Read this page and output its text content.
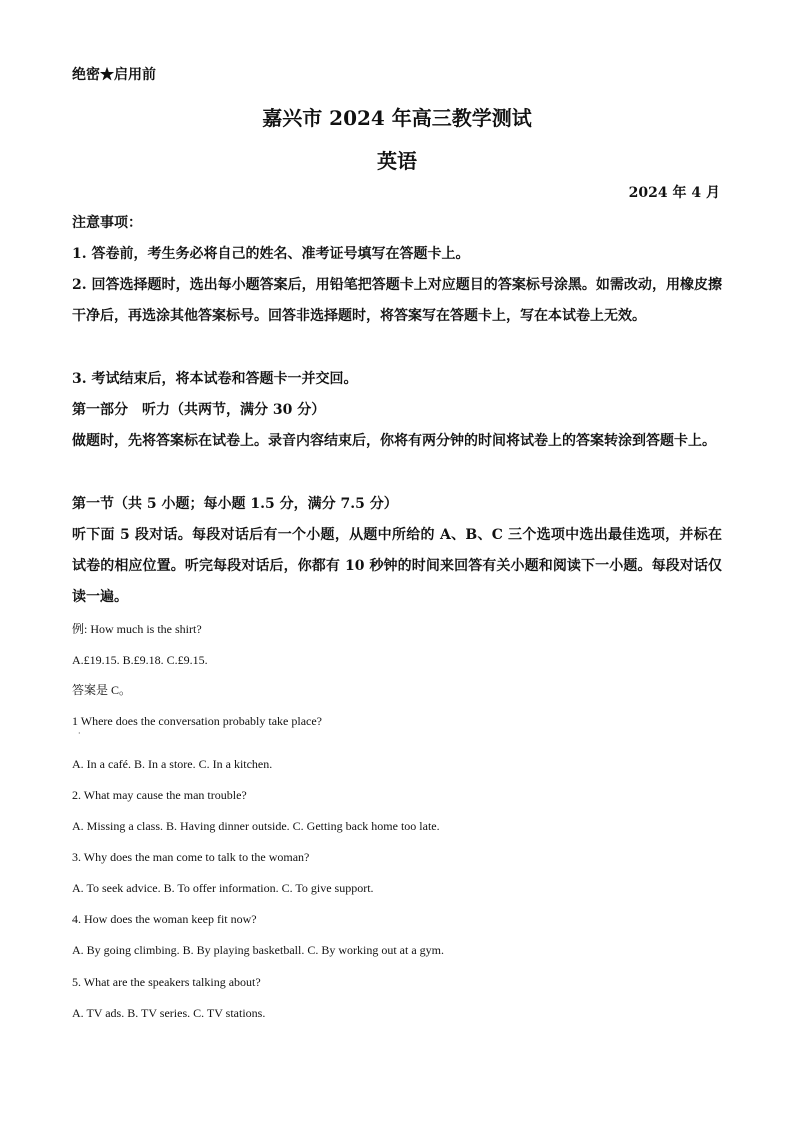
绝密★启用前
嘉兴市 2024 年高三教学测试
英语
2024 年 4 月
注意事项：
1. 答卷前，考生务必将自己的姓名、准考证号填写在答题卡上。
2. 回答选择题时，选出每小题答案后，用铅笔把答题卡上对应题目的答案标号涂黑。如需改动，用橡皮擦干净后，再选涂其他答案标号。回答非选择题时，将答案写在答题卡上，写在本试卷上无效。
3. 考试结束后，将本试卷和答题卡一并交回。
第一部分　听力（共两节，满分 30 分）
做题时，先将答案标在试卷上。录音内容结束后，你将有两分钟的时间将试卷上的答案转涂到答题卡上。
第一节（共 5 小题；每小题 1.5 分，满分 7.5 分）
听下面 5 段对话。每段对话后有一个小题，从题中所给的 A、B、C 三个选项中选出最佳选项，并标在试卷的相应位置。听完每段对话后，你都有 10 秒钟的时间来回答有关小题和阅读下一小题。每段对话仅读一遍。
例: How much is the shirt?
A.£19.15. B.£9.18. C.£9.15.
答案是 C。
1 Where does the conversation probably take place?
·
A. In a café. B. In a store. C. In a kitchen.
2. What may cause the man trouble?
A. Missing a class. B. Having dinner outside. C. Getting back home too late.
3. Why does the man come to talk to the woman?
A. To seek advice. B. To offer information. C. To give support.
4. How does the woman keep fit now?
A. By going climbing. B. By playing basketball. C. By working out at a gym.
5. What are the speakers talking about?
A. TV ads. B. TV series. C. TV stations.
